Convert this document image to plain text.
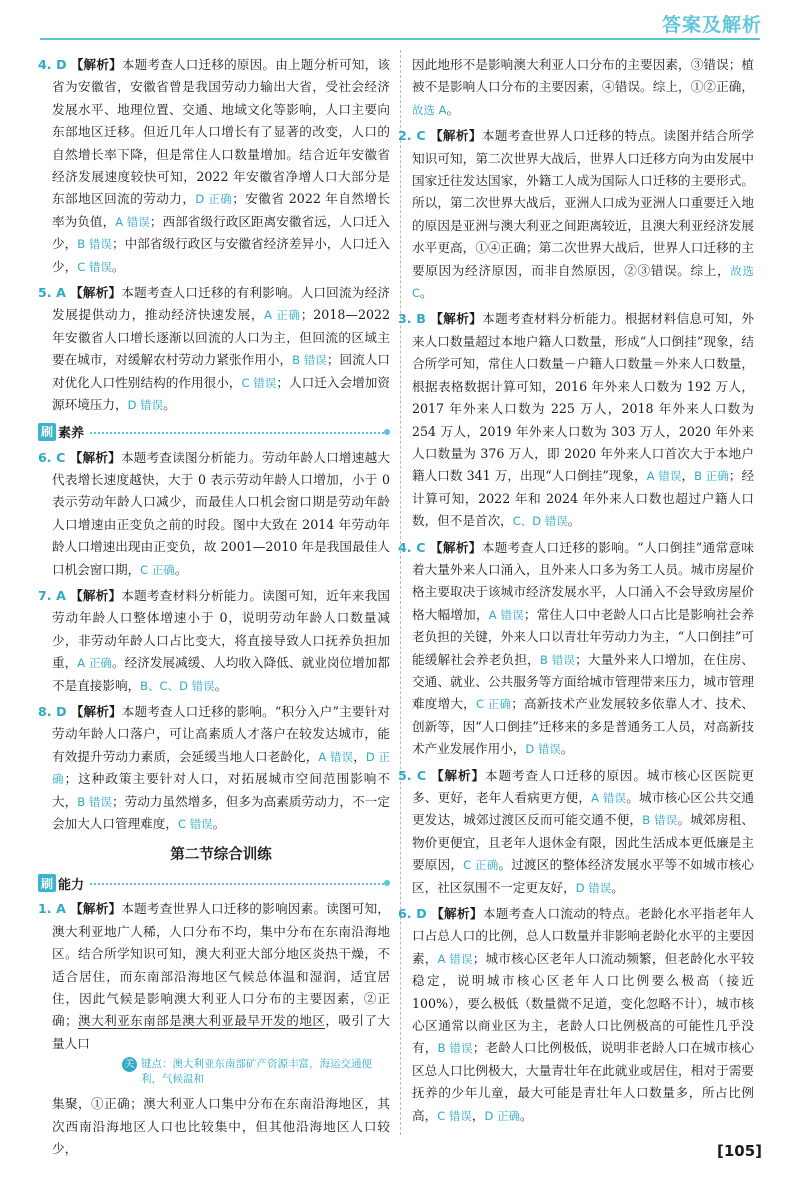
答案及解析

4. D 【解析】本题考查人口迁移的原因。由上题分析可知，该省为安徽省，安徽省曾是我国劳动力输出大省，受社会经济发展水平、地理位置、交通、地域文化等影响，人口主要向东部地区迁移。但近几年人口增长有了显著的改变，人口的自然增长率下降，但是常住人口数量增加。结合近年安徽省经济发展速度较快可知，2022 年安徽省净增人口大部分是东部地区回流的劳动力，D 正确；安徽省 2022 年自然增长率为负值，A 错误；西部省级行政区距离安徽省远，人口迁入少，B 错误；中部省级行政区与安徽省经济差异小，人口迁入少，C 错误。

5. A 【解析】本题考查人口迁移的有利影响。人口回流为经济发展提供动力，推动经济快速发展，A 正确；2018—2022 年安徽省人口增长逐渐以回流的人口为主，但回流的区域主要在城市，对缓解农村劳动力紧张作用小，B 错误；回流人口对优化人口性别结构的作用很小，C 错误；人口迁入会增加资源环境压力，D 错误。

刷 素养

6. C 【解析】本题考查读图分析能力。劳动年龄人口增速越大代表增长速度越快，大于 0 表示劳动年龄人口增加，小于 0 表示劳动年龄人口减少，而最佳人口机会窗口期是劳动年龄人口增速由正变负之前的时段。图中大致在 2014 年劳动年龄人口增速出现由正变负，故 2001—2010 年是我国最佳人口机会窗口期，C 正确。

7. A 【解析】本题考查材料分析能力。读图可知，近年来我国劳动年龄人口整体增速小于 0，说明劳动年龄人口数量减少，非劳动年龄人口占比变大，将直接导致人口抚养负担加重，A 正确。经济发展减缓、人均收入降低、就业岗位增加都不是直接影响，B、C、D 错误。

8. D 【解析】本题考查人口迁移的影响。“积分入户”主要针对劳动年龄人口落户，可让高素质人才落户在较发达城市，能有效提升劳动力素质，会延缓当地人口老龄化，A 错误，D 正确；这种政策主要针对人口，对拓展城市空间范围影响不大，B 错误；劳动力虽然增多，但多为高素质劳动力，不一定会加大人口管理难度，C 错误。

第二节综合训练
刷 能力

1. A 【解析】本题考查世界人口迁移的影响因素。读图可知，澳大利亚地广人稀，人口分布不均，集中分布在东南沿海地区。结合所学知识可知，澳大利亚大部分地区炎热干燥，不适合居住，而东南部沿海地区气候总体温和湿润，适宜居住，因此气候是影响澳大利亚人口分布的主要因素，②正确；澳大利亚东南部是澳大利亚最早开发的地区，吸引了大量人口

关 键点：澳大利亚东南部矿产资源丰富，海运交通便利，气候温和

集聚，①正确；澳大利亚人口集中分布在东南沿海地区，其次西南沿海地区人口也比较集中，但其他沿海地区人口较少，

因此地形不是影响澳大利亚人口分布的主要因素，③错误；植被不是影响人口分布的主要因素，④错误。综上，①②正确，故选 A。

2. C 【解析】本题考查世界人口迁移的特点。读图并结合所学知识可知，第二次世界大战后，世界人口迁移方向为由发展中国家迁往发达国家，外籍工人成为国际人口迁移的主要形式。所以，第二次世界大战后，亚洲人口成为亚洲人口重要迁入地的原因是亚洲与澳大利亚之间距离较近，且澳大利亚经济发展水平更高，①④正确；第二次世界大战后，世界人口迁移的主要原因为经济原因，而非自然原因，②③错误。综上，故选 C。

3. B 【解析】本题考查材料分析能力。根据材料信息可知，外来人口数量超过本地户籍人口数量，形成“人口倒挂”现象，结合所学可知，常住人口数量－户籍人口数量＝外来人口数量，根据表格数据计算可知，2016 年外来人口数为 192 万人，2017 年外来人口数为 225 万人，2018 年外来人口数为 254 万人，2019 年外来人口数为 303 万人，2020 年外来人口数量为 376 万人，即 2020 年外来人口首次大于本地户籍人口数 341 万，出现“人口倒挂”现象，A 错误，B 正确；经计算可知，2022 年和 2024 年外来人口数也超过户籍人口数，但不是首次，C、D 错误。

4. C 【解析】本题考查人口迁移的影响。“人口倒挂”通常意味着大量外来人口涌入，且外来人口多为务工人员。城市房屋价格主要取决于该城市经济发展水平，人口涌入不会导致房屋价格大幅增加，A 错误；常住人口中老龄人口占比是影响社会养老负担的关键，外来人口以青壮年劳动力为主，“人口倒挂”可能缓解社会养老负担，B 错误；大量外来人口增加，在住房、交通、就业、公共服务等方面给城市管理带来压力，城市管理难度增大，C 正确；高新技术产业发展较多依靠人才、技术、创新等，因“人口倒挂”迁移来的多是普通务工人员，对高新技术产业发展作用小，D 错误。

5. C 【解析】本题考查人口迁移的原因。城市核心区医院更多、更好，老年人看病更方便，A 错误。城市核心区公共交通更发达，城郊过渡区反而可能交通不便，B 错误。城郊房租、物价更便宜，且老年人退休金有限，因此生活成本更低廉是主要原因，C 正确。过渡区的整体经济发展水平等不如城市核心区，社区氛围不一定更友好，D 错误。

6. D 【解析】本题考查人口流动的特点。老龄化水平指老年人口占总人口的比例，总人口数量并非影响老龄化水平的主要因素，A 错误；城市核心区老年人口流动频繁，但老龄化水平较稳定，说明城市核心区老年人口比例要么极高（接近 100%），要么极低（数量微不足道，变化忽略不计），城市核心区通常以商业区为主，老龄人口比例极高的可能性几乎没有，B 错误；老龄人口比例极低，说明非老龄人口在城市核心区总人口比例极大，大量青壮年在此就业或居住，相对于需要抚养的少年儿童，最大可能是青壮年人口数量多，所占比例高，C 错误，D 正确。

[105]
